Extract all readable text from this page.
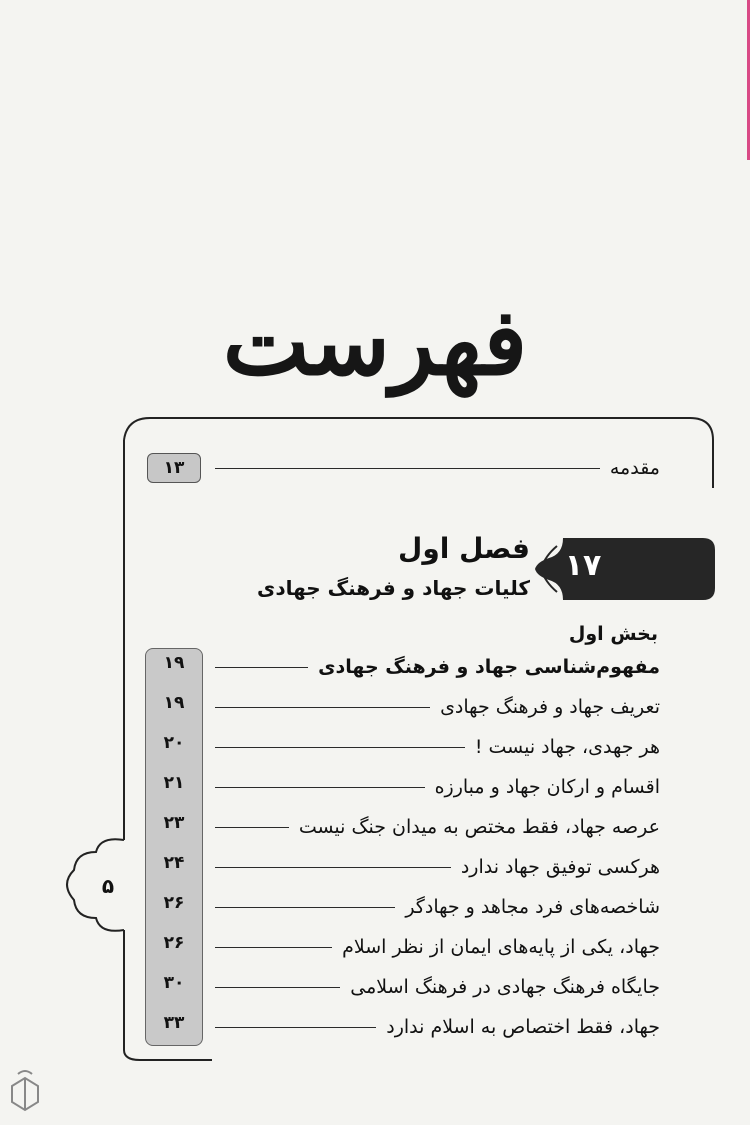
فهرست
مقدمه
۱۳
۱۷
فصل اول
کلیات جهاد و فرهنگ جهادی
بخش اول
۱۹
۱۹
۲۰
۲۱
۲۳
۲۴
۲۶
۲۶
۳۰
۳۳
مفهوم‌شناسی جهاد و فرهنگ جهادی
تعریف جهاد و فرهنگ جهادی
هر جهدی، جهاد نیست !
اقسام و ارکان جهاد و مبارزه
عرصه جهاد، فقط مختص به میدان جنگ نیست
هرکسی توفیق جهاد ندارد
شاخصه‌های فرد مجاهد و جهادگر
جهاد، یکی از پایه‌های ایمان از نظر اسلام
جایگاه فرهنگ جهادی در فرهنگ اسلامی
جهاد، فقط اختصاص به اسلام ندارد
۵
